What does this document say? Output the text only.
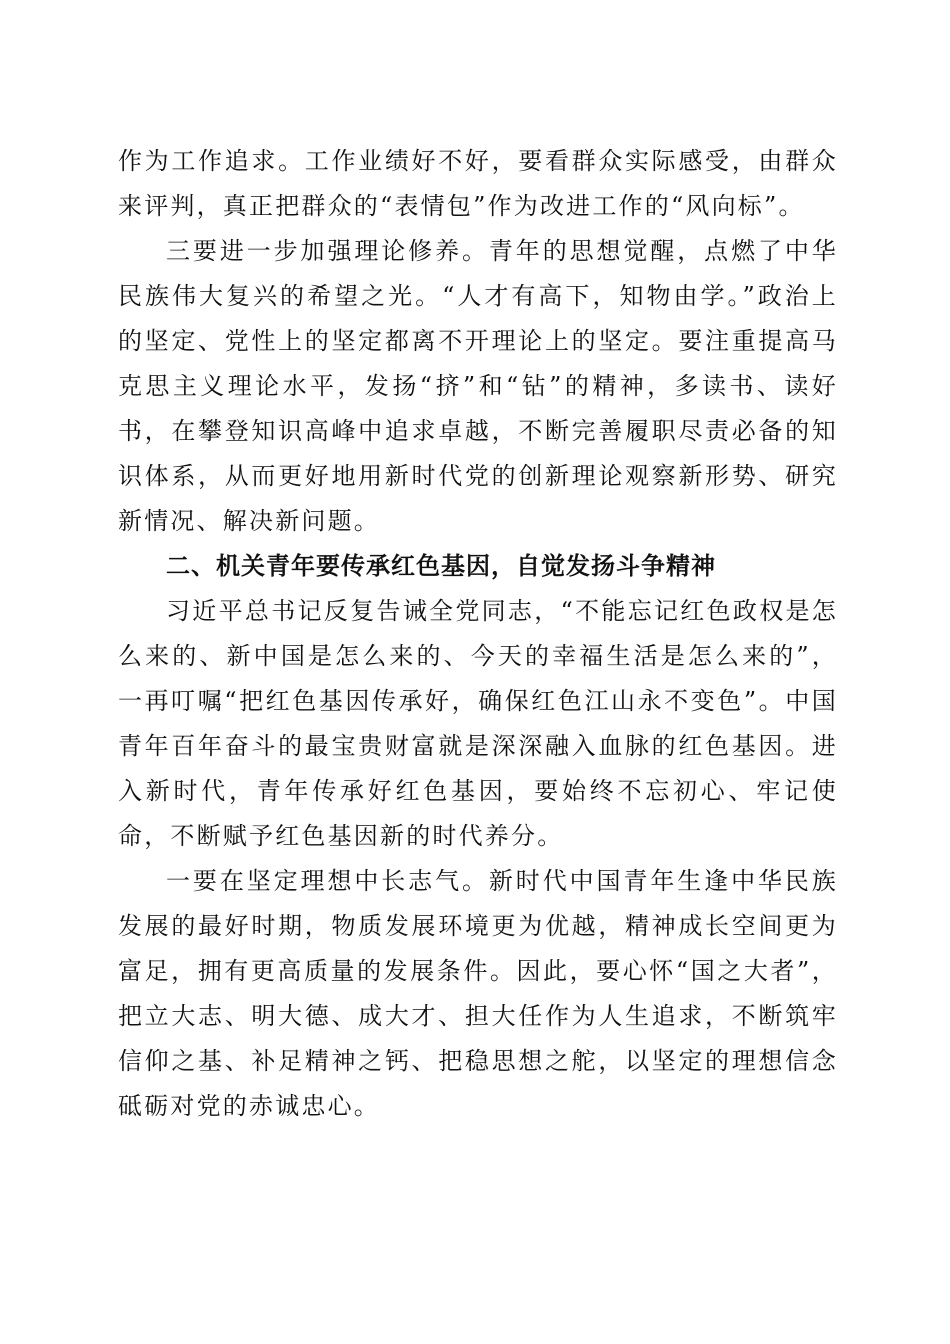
作为工作追求。工作业绩好不好，要看群众实际感受，由群众来评判，真正把群众的“表情包”作为改进工作的“风向标”。

三要进一步加强理论修养。青年的思想觉醒，点燃了中华民族伟大复兴的希望之光。“人才有高下，知物由学。”政治上的坚定、党性上的坚定都离不开理论上的坚定。要注重提高马克思主义理论水平，发扬“挤”和“钻”的精神，多读书、读好书，在攀登知识高峰中追求卓越，不断完善履职尽责必备的知识体系，从而更好地用新时代党的创新理论观察新形势、研究新情况、解决新问题。

二、机关青年要传承红色基因，自觉发扬斗争精神

习近平总书记反复告诫全党同志，“不能忘记红色政权是怎么来的、新中国是怎么来的、今天的幸福生活是怎么来的”，一再叮嘱“把红色基因传承好，确保红色江山永不变色”。中国青年百年奋斗的最宝贵财富就是深深融入血脉的红色基因。进入新时代，青年传承好红色基因，要始终不忘初心、牢记使命，不断赋予红色基因新的时代养分。

一要在坚定理想中长志气。新时代中国青年生逢中华民族发展的最好时期，物质发展环境更为优越，精神成长空间更为富足，拥有更高质量的发展条件。因此，要心怀“国之大者”，把立大志、明大德、成大才、担大任作为人生追求，不断筑牢信仰之基、补足精神之钙、把稳思想之舵，以坚定的理想信念砥砺对党的赤诚忠心。
